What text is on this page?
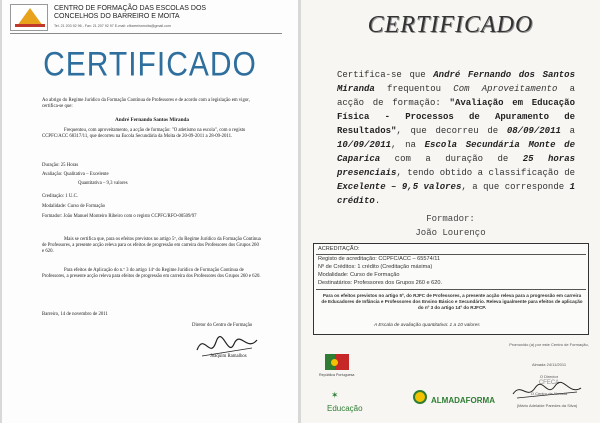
CENTRO DE FORMAÇÃO DAS ESCOLAS DOS
CONCELHOS DO BARREIRO E MOITA
Tel. 21 203 92 96 - Fax: 21 207 92 97 E-mail: cfbarreiromoita@gmail.com
CERTIFICADO
Ao abrigo do Regime Jurídico da Formação Contínua de Professores e de acordo com a legislação em vigor, certifica-se que:
André Fernando Santos Miranda
Frequentou, com aproveitamento, a acção de formação: "O atletismo na escola", com o registo CCPFC/ACC 68317/11, que decorreu na Escola Secundária da Moita de 20-09-2011 a 28-09-2011.
Duração: 25 Horas
Avaliação: Qualitativa – Excelente
Quantitativa – 9,3 valores
Creditação: 1 U.C.
Modalidade: Curso de Formação
Formador: João Manuel Monteiro Ribeiro com o registo CCPFC/RFO-00509/97
Mais se certifica que, para os efeitos previstos no artigo 5º, do Regime Jurídico da Formação Contínua de Professores, a presente acção releva para os efeitos de progressão em carreira dos Professores dos Grupos 260 e 620.
Para efeitos de Aplicação do n.º 3 do artigo 14º do Regime Jurídico de Formação Contínua de Professores, a presente acção releva para efeitos de progressão em carreira dos Professores dos Grupos 260 e 620.
Barreiro, 14 de novembro de 2011
Diretor do Centro de Formação
Joaquim Ramalhos
CERTIFICADO
Certifica-se que André Fernando dos Santos Miranda frequentou Com Aproveitamento a acção de formação: "Avaliação em Educação Física - Processos de Apuramento de Resultados", que decorreu de 08/09/2011 a 10/09/2011, na Escola Secundária Monte de Caparica com a duração de 25 horas presenciais, tendo obtido a classificação de Excelente – 9,5 valores, a que corresponde 1 crédito.
Formador:
João Lourenço
ACREDITAÇÃO:
Registo de acreditação: CCPFC/ACC – 65574/11
Nº de Créditos: 1 crédito (Creditação máxima)
Modalidade: Curso de Formação
Destinatários: Professores dos Grupos 260 e 620.
Para os efeitos previstos no artigo 5º, do RJFC de Professores, a presente acção releva para a progressão em carreira de Educadores de Infância e Professores dos Ensino Básico e Secundário. Releva igualmente para efeitos de aplicação do nº 3 do artigo 14º do RJFCP.
A Escala de avaliação quantitativa: 1 a 10 valores
República Portuguesa
✶
Educação
ALMADAFORMA
Promovido (a) por este Centro de Formação,
Almada 24/11/2011
O Director
CFECA
O Centro de Almada
(Mário Adelaide Paredes da Silva)
